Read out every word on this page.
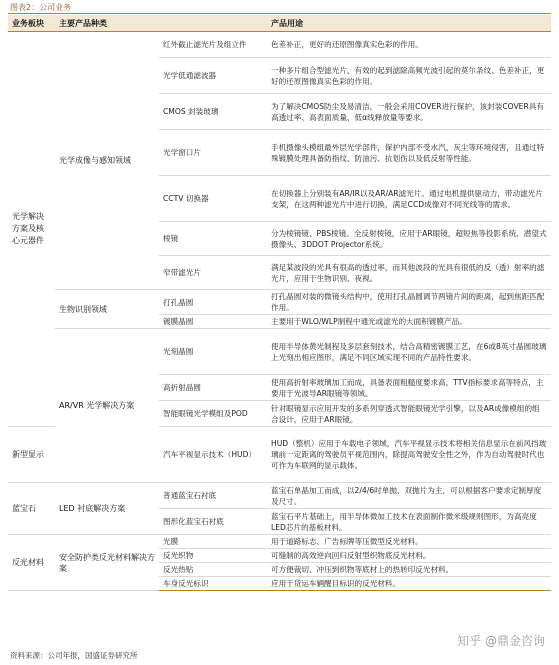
图表2：公司业务
业务板块	主要产品种类		产品用途
光学解决方案及核心元器件	光学成像与感知领域	红外截止滤光片及组立件	色差补正，更好的还原图像真实色彩的作用。
		光学低通滤波器	一种多片组合型滤光片，有效的起到滤除高频光波引起的莫尔条纹、色差补正，更好的还原图像真实色彩的作用。
		CMOS 封装玻璃	为了解决CMOS防尘及易清洁，一般会采用COVER进行保护，该封装COVER具有高透过率、高表面质量、低α线释放量等要求。
		光学窗口片	手机摄像头模组最外层光学部件，保护内部不受水汽、灰尘等环境侵害，且通过特殊镀膜处理具备防指纹、防油污、抗划伤以及低反射等性能。
		CCTV 切换器	在切换器上分别装有AR/IR以及AR/AR滤光片。通过电机提供驱动力，带动滤光片支架，在这两种滤光片中进行切换，满足CCD成像对不同光线等的需求。
		棱镜	分为棱镜镜、PBS棱镜、全反射棱镜，应用于AR眼镜，超短焦等投影系统、潜望式摄像头、3DDOT Projector系统。
		窄带滤光片	满足某波段的光具有很高的透过率，而其他波段的光具有很低的反（透）射率的滤光片，应用于生物识别、夜视。
	生物识别领域	打孔晶圆	打孔晶圆对装的微镜头结构中，使用打孔晶圆调节两镜片间的距离，起到焦距匹配作用。
		镀膜晶圆	主要用于WLO/WLP制程中通光或滤光的大面积镀膜产品。
	AR/VR 光学解决方案	光刻晶圆	使用半导体黄光制程及多层套刻技术，结合高精密镀膜工艺，在6或8英寸晶圆玻璃上光刻出相应图形，满足不同区域实现不同的产品特性要求。
		高折射晶圆	使用高折射率玻璃加工而成，具备表面粗糙度要求高，TTV指标要求高等特点，主要用于光波导AR眼镜等领域。
		智能眼镜光学模组及POD	针对眼镜显示应用开发的多系列穿透式智能眼镜光学引擎，以及AR成像模组的组合设计，应用于AR眼镜。
新型显示		汽车平视显示技术（HUD）	HUD（整机）应用于车载电子领域，汽车平视显示技术将相关信息显示在前风挡玻璃前一定距离的驾驶员平视范围内，除提高驾驶安全性之外，作为自动驾驶时代也可作为车联网的显示载体。
蓝宝石	LED 衬底解决方案	普通蓝宝石衬底	蓝宝石单晶加工而成，以2/4/6吋单抛、双抛片为主，可以根据客户要求定制厚度及尺寸。
		图形化蓝宝石衬底	蓝宝石平片基础上，用半导体微加工技术在表面制作微米级规则图形，为高亮度LED芯片的基板材料。
反光材料	安全防护类反光材料解决方案	光膜	用于道路标志、广告标牌等压微型反光材料。
		反光织物	可缝制的高效逆向回归反射型织物底反光材料。
		反光热贴	可方便裁切、冲压到织物等底材上的热转印反光材料。
		车身反光标识	应用于货运车辆醒目标识的反光材料。
知乎 @鼎金咨询
资料来源：公司年报，国盛证券研究所
